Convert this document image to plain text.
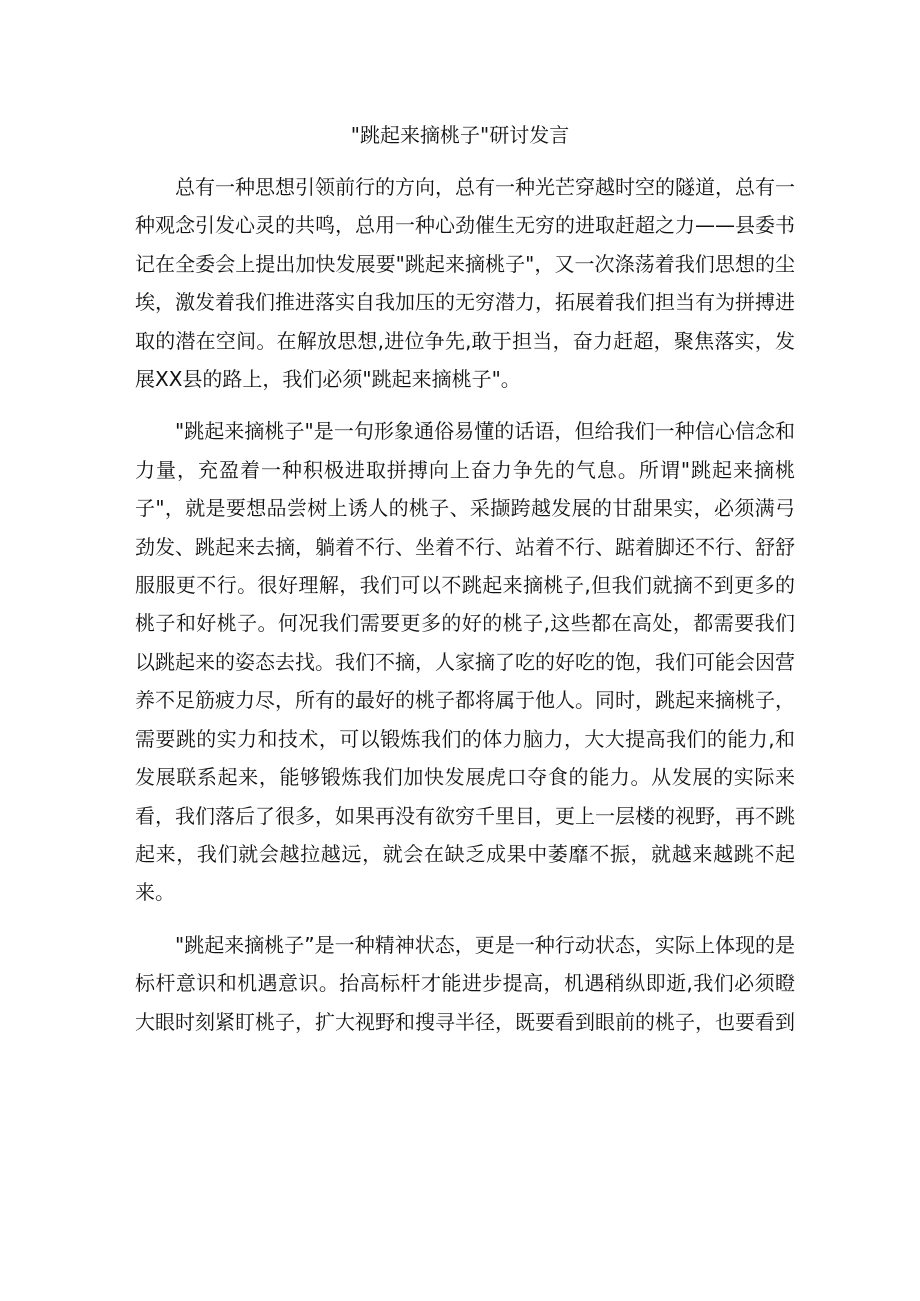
"跳起来摘桃子"研讨发言

总有一种思想引领前行的方向，总有一种光芒穿越时空的隧道，总有一种观念引发心灵的共鸣，总用一种心劲催生无穷的进取赶超之力——县委书记在全委会上提出加快发展要"跳起来摘桃子"，又一次涤荡着我们思想的尘埃，激发着我们推进落实自我加压的无穷潜力，拓展着我们担当有为拼搏进取的潜在空间。在解放思想,进位争先,敢于担当，奋力赶超，聚焦落实，发展XX县的路上，我们必须"跳起来摘桃子"。

"跳起来摘桃子"是一句形象通俗易懂的话语，但给我们一种信心信念和力量，充盈着一种积极进取拼搏向上奋力争先的气息。所谓"跳起来摘桃子"，就是要想品尝树上诱人的桃子、采撷跨越发展的甘甜果实，必须满弓劲发、跳起来去摘，躺着不行、坐着不行、站着不行、踮着脚还不行、舒舒服服更不行。很好理解，我们可以不跳起来摘桃子,但我们就摘不到更多的桃子和好桃子。何况我们需要更多的好的桃子,这些都在高处，都需要我们以跳起来的姿态去找。我们不摘，人家摘了吃的好吃的饱，我们可能会因营养不足筋疲力尽，所有的最好的桃子都将属于他人。同时，跳起来摘桃子，需要跳的实力和技术，可以锻炼我们的体力脑力，大大提高我们的能力,和发展联系起来，能够锻炼我们加快发展虎口夺食的能力。从发展的实际来看，我们落后了很多，如果再没有欲穷千里目，更上一层楼的视野，再不跳起来，我们就会越拉越远，就会在缺乏成果中萎靡不振，就越来越跳不起来。

"跳起来摘桃子”是一种精神状态，更是一种行动状态，实际上体现的是标杆意识和机遇意识。抬高标杆才能进步提高，机遇稍纵即逝,我们必须瞪大眼时刻紧盯桃子，扩大视野和搜寻半径，既要看到眼前的桃子，也要看到
